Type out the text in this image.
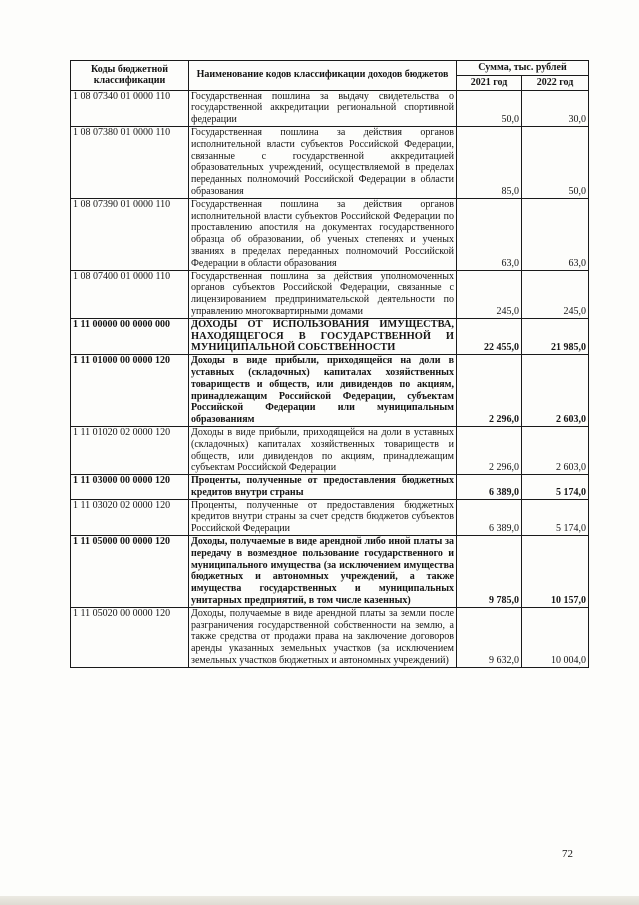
Коды бюджетной классификации	Наименование кодов классификации доходов бюджетов	Сумма, тыс. рублей	
		2021 год	2022 год
1 08 07340 01 0000 110	Государственная пошлина за выдачу свидетельства о государственной аккредитации региональной спортивной федерации	50,0	30,0
1 08 07380 01 0000 110	Государственная пошлина за действия органов исполнительной власти субъектов Российской Федерации, связанные с государственной аккредитацией образовательных учреждений, осуществляемой в пределах переданных полномочий Российской Федерации в области образования	85,0	50,0
1 08 07390 01 0000 110	Государственная пошлина за действия органов исполнительной власти субъектов Российской Федерации по проставлению апостиля на документах государственного образца об образовании, об ученых степенях и ученых званиях в пределах переданных полномочий Российской Федерации в области образования	63,0	63,0
1 08 07400 01 0000 110	Государственная пошлина за действия уполномоченных органов субъектов Российской Федерации, связанные с лицензированием предпринимательской деятельности по управлению многоквартирными домами	245,0	245,0
1 11 00000 00 0000 000	ДОХОДЫ ОТ ИСПОЛЬЗОВАНИЯ ИМУЩЕСТВА, НАХОДЯЩЕГОСЯ В ГОСУДАРСТВЕННОЙ И МУНИЦИПАЛЬНОЙ СОБСТВЕННОСТИ	22 455,0	21 985,0
1 11 01000 00 0000 120	Доходы в виде прибыли, приходящейся на доли в уставных (складочных) капиталах хозяйственных товариществ и обществ, или дивидендов по акциям, принадлежащим Российской Федерации, субъектам Российской Федерации или муниципальным образованиям	2 296,0	2 603,0
1 11 01020 02 0000 120	Доходы в виде прибыли, приходящейся на доли в уставных (складочных) капиталах хозяйственных товариществ и обществ, или дивидендов по акциям, принадлежащим субъектам Российской Федерации	2 296,0	2 603,0
1 11 03000 00 0000 120	Проценты, полученные от предоставления бюджетных кредитов внутри страны	6 389,0	5 174,0
1 11 03020 02 0000 120	Проценты, полученные от предоставления бюджетных кредитов внутри страны за счет средств бюджетов субъектов Российской Федерации	6 389,0	5 174,0
1 11 05000 00 0000 120	Доходы, получаемые в виде арендной либо иной платы за передачу в возмездное пользование государственного и муниципального имущества (за исключением имущества бюджетных и автономных учреждений, а также имущества государственных и муниципальных унитарных предприятий, в том числе казенных)	9 785,0	10 157,0
1 11 05020 00 0000 120	Доходы, получаемые в виде арендной платы за земли после разграничения государственной собственности на землю, а также средства от продажи права на заключение договоров аренды указанных земельных участков (за исключением земельных участков бюджетных и автономных учреждений)	9 632,0	10 004,0
72
